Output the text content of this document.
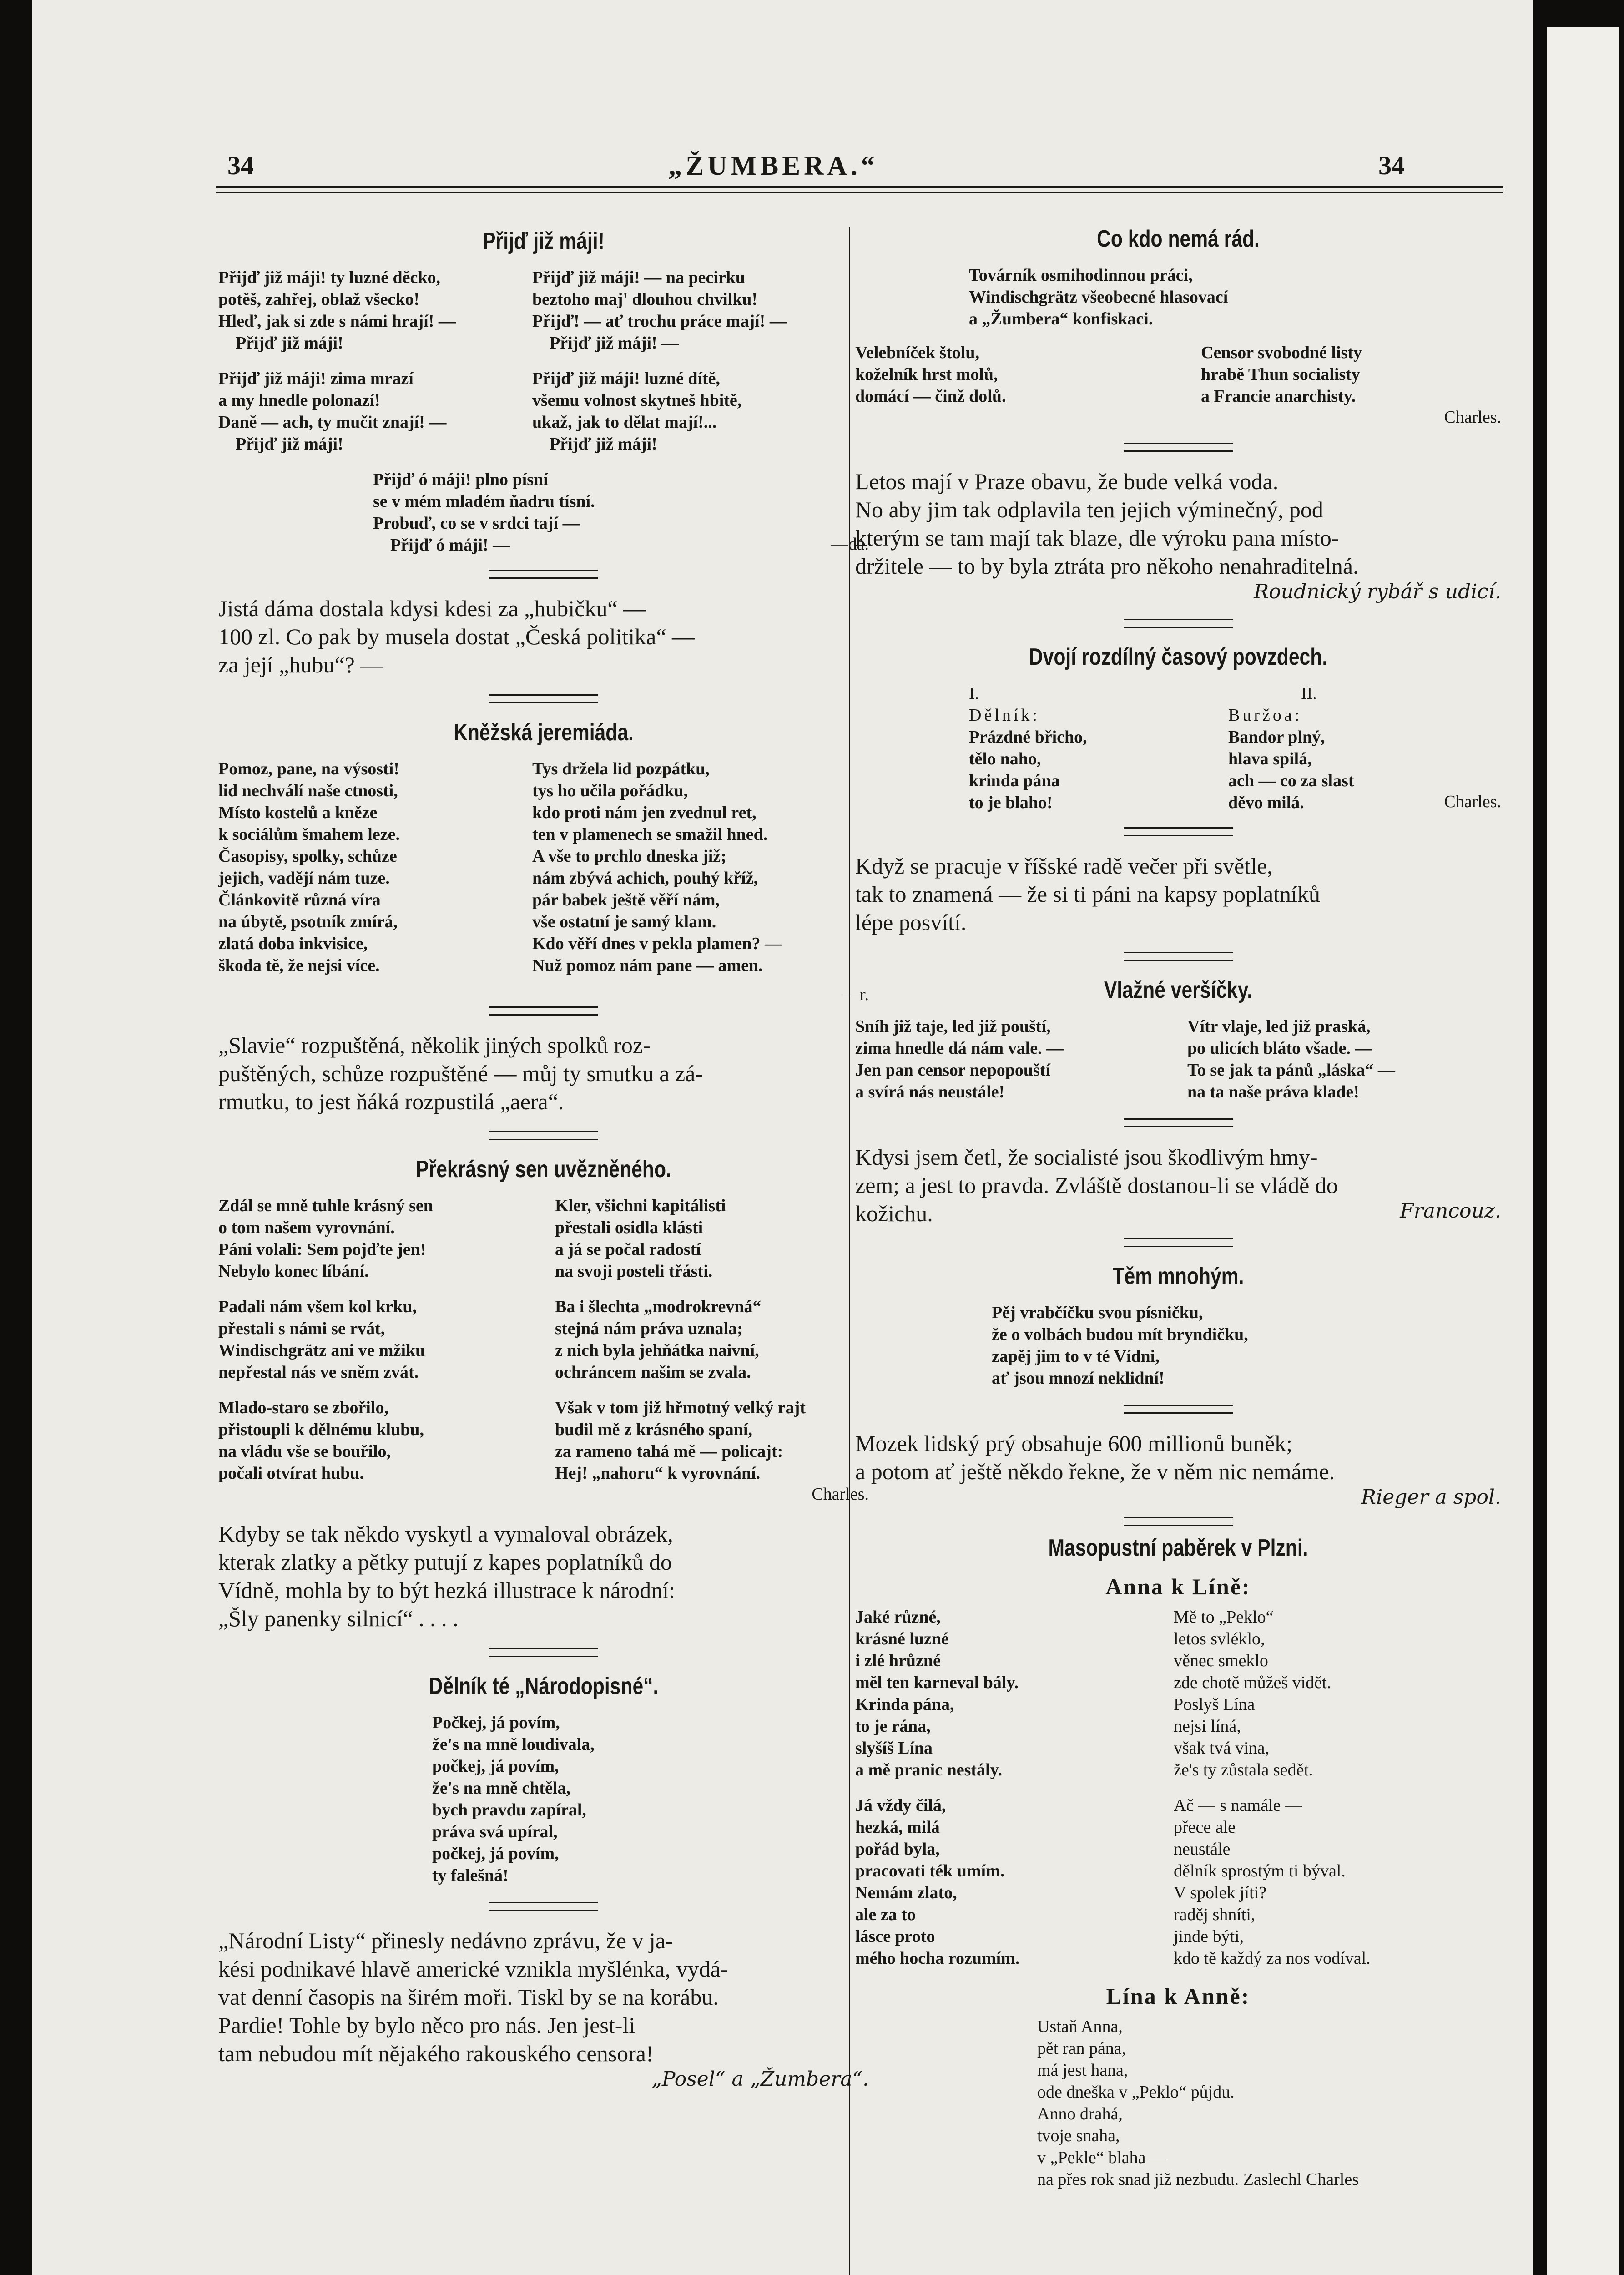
34	„ŽUMBERA.“	34
Přijď již máji!
Přijď již máji! ty luzné děcko,
potěš, zahřej, oblaž všecko!
Hleď, jak si zde s námi hrají! —
Přijď již máji!
Přijď již máji! — na pecirku
beztoho maj' dlouhou chvilku!
Přijď! — ať trochu práce mají! —
Přijď již máji! —
Přijď již máji! zima mrazí
a my hnedle polonazí!
Daně — ach, ty mučit znají! —
Přijď již máji!
Přijď již máji! luzné dítě,
všemu volnost skytneš hbitě,
ukaž, jak to dělat mají!...
Přijď již máji!
Přijď ó máji! plno písní
se v mém mladém ňadru tísní.
Probuď, co se v srdci tají —
Přijď ó máji! —	—da.
Jistá dáma dostala kdysi kdesi za „hubičku“ —
100 zl. Co pak by musela dostat „Česká politika“ —
za její „hubu“? —
Kněžská jeremiáda.
Pomoz, pane, na výsosti!
lid nechválí naše ctnosti,
Místo kostelů a kněze
k sociálům šmahem leze.
Časopisy, spolky, schůze
jejich, vadějí nám tuze.
Článkovitě různá víra
na úbytě, psotník zmírá,
zlatá doba inkvisice,
škoda tě, že nejsi více.
Tys držela lid pozpátku,
tys ho učila pořádku,
kdo proti nám jen zvednul ret,
ten v plamenech se smažil hned.
A vše to prchlo dneska již;
nám zbývá achich, pouhý kříž,
pár babek ještě věří nám,
vše ostatní je samý klam.
Kdo věří dnes v pekla plamen? —
Nuž pomoz nám pane — amen.
—r.
„Slavie“ rozpuštěná, několik jiných spolků roz-
puštěných, schůze rozpuštěné — můj ty smutku a zá-
rmutku, to jest ňáká rozpustilá „aera“.
Překrásný sen uvězněného.
Zdál se mně tuhle krásný sen
o tom našem vyrovnání.
Páni volali: Sem pojďte jen!
Nebylo konec líbání.
Kler, všichni kapitálisti
přestali osidla klásti
a já se počal radostí
na svoji posteli třásti.
Padali nám všem kol krku,
přestali s námi se rvát,
Windischgrätz ani ve mžiku
nepřestal nás ve sněm zvát.
Ba i šlechta „modrokrevná“
stejná nám práva uznala;
z nich byla jehňátka naivní,
ochráncem našim se zvala.
Mlado-staro se zbořilo,
přistoupli k dělnému klubu,
na vládu vše se bouřilo,
počali otvírat hubu.
Však v tom již hřmotný velký rajt
budil mě z krásného spaní,
za rameno tahá mě — policajt:
Hej! „nahoru“ k vyrovnání.
Charles.
Kdyby se tak někdo vyskytl a vymaloval obrázek,
kterak zlatky a pětky putují z kapes poplatníků do
Vídně, mohla by to být hezká illustrace k národní:
„Šly panenky silnicí“ . . . .
Dělník té „Národopisné“.
Počkej, já povím,
že's na mně loudivala,
počkej, já povím,
že's na mně chtěla,
bych pravdu zapíral,
práva svá upíral,
počkej, já povím,
ty falešná!
„Národní Listy“ přinesly nedávno zprávu, že v ja-
kési podnikavé hlavě americké vznikla myšlénka, vydá-
vat denní časopis na širém moři. Tiskl by se na korábu.
Pardie! Tohle by bylo něco pro nás. Jen jest-li
tam nebudou mít nějakého rakouského censora!
„Posel“ a „Žumbera“.
Co kdo nemá rád.
Továrník osmihodinnou práci,
Windischgrätz všeobecné hlasovací
a „Žumbera“ konfiskaci.
Velebníček štolu,
koželník hrst molů,
domácí — činž dolů.
Censor svobodné listy
hrabě Thun socialisty
a Francie anarchisty.
Charles.
Letos mají v Praze obavu, že bude velká voda.
No aby jim tak odplavila ten jejich výminečný, pod
kterým se tam mají tak blaze, dle výroku pana místo-
držitele — to by byla ztráta pro někoho nenahraditelná.
Roudnický rybář s udicí.
Dvojí rozdílný časový povzdech.
I.
Dělník:
Prázdné břicho,
tělo naho,
krinda pána
to je blaho!
II.
Buržoa:
Bandor plný,
hlava spilá,
ach — co za slast
děvo milá.	Charles.
Když se pracuje v říšské radě večer při světle,
tak to znamená — že si ti páni na kapsy poplatníků
lépe posvítí.
Vlažné veršíčky.
Sníh již taje, led již pouští,
zima hnedle dá nám vale. —
Jen pan censor nepopouští
a svírá nás neustále!
Vítr vlaje, led již praská,
po ulicích bláto všade. —
To se jak ta pánů „láska“ —
na ta naše práva klade!
Kdysi jsem četl, že socialisté jsou škodlivým hmy-
zem; a jest to pravda. Zvláště dostanou-li se vládě do
kožichu.	Francouz.
Těm mnohým.
Pěj vrabčíčku svou písničku,
že o volbách budou mít bryndičku,
zapěj jim to v té Vídni,
ať jsou mnozí neklidní!
Mozek lidský prý obsahuje 600 millionů buněk;
a potom ať ještě někdo řekne, že v něm nic nemáme.
Rieger a spol.
Masopustní paběrek v Plzni.
Anna k Líně:
Jaké různé,
krásné luzné
i zlé hrůzné
měl ten karneval bály.
Krinda pána,
to je rána,
slyšíš Lína
a mě pranic nestály.
Mě to „Peklo“
letos svléklo,
věnec smeklo
zde chotě můžeš vidět.
Poslyš Lína
nejsi líná,
však tvá vina,
že's ty zůstala sedět.
Já vždy čilá,
hezká, milá
pořád byla,
pracovati ték umím.
Nemám zlato,
ale za to
lásce proto
mého hocha rozumím.
Ač — s namále —
přece ale
neustále
dělník sprostým ti býval.
V spolek jíti?
raděj shníti,
jinde býti,
kdo tě každý za nos vodíval.
Lína k Anně:
Ustaň Anna,
pět ran pána,
má jest hana,
ode dneška v „Peklo“ půjdu.
Anno drahá,
tvoje snaha,
v „Pekle“ blaha —
na přes rok snad již nezbudu. Zaslechl Charles
